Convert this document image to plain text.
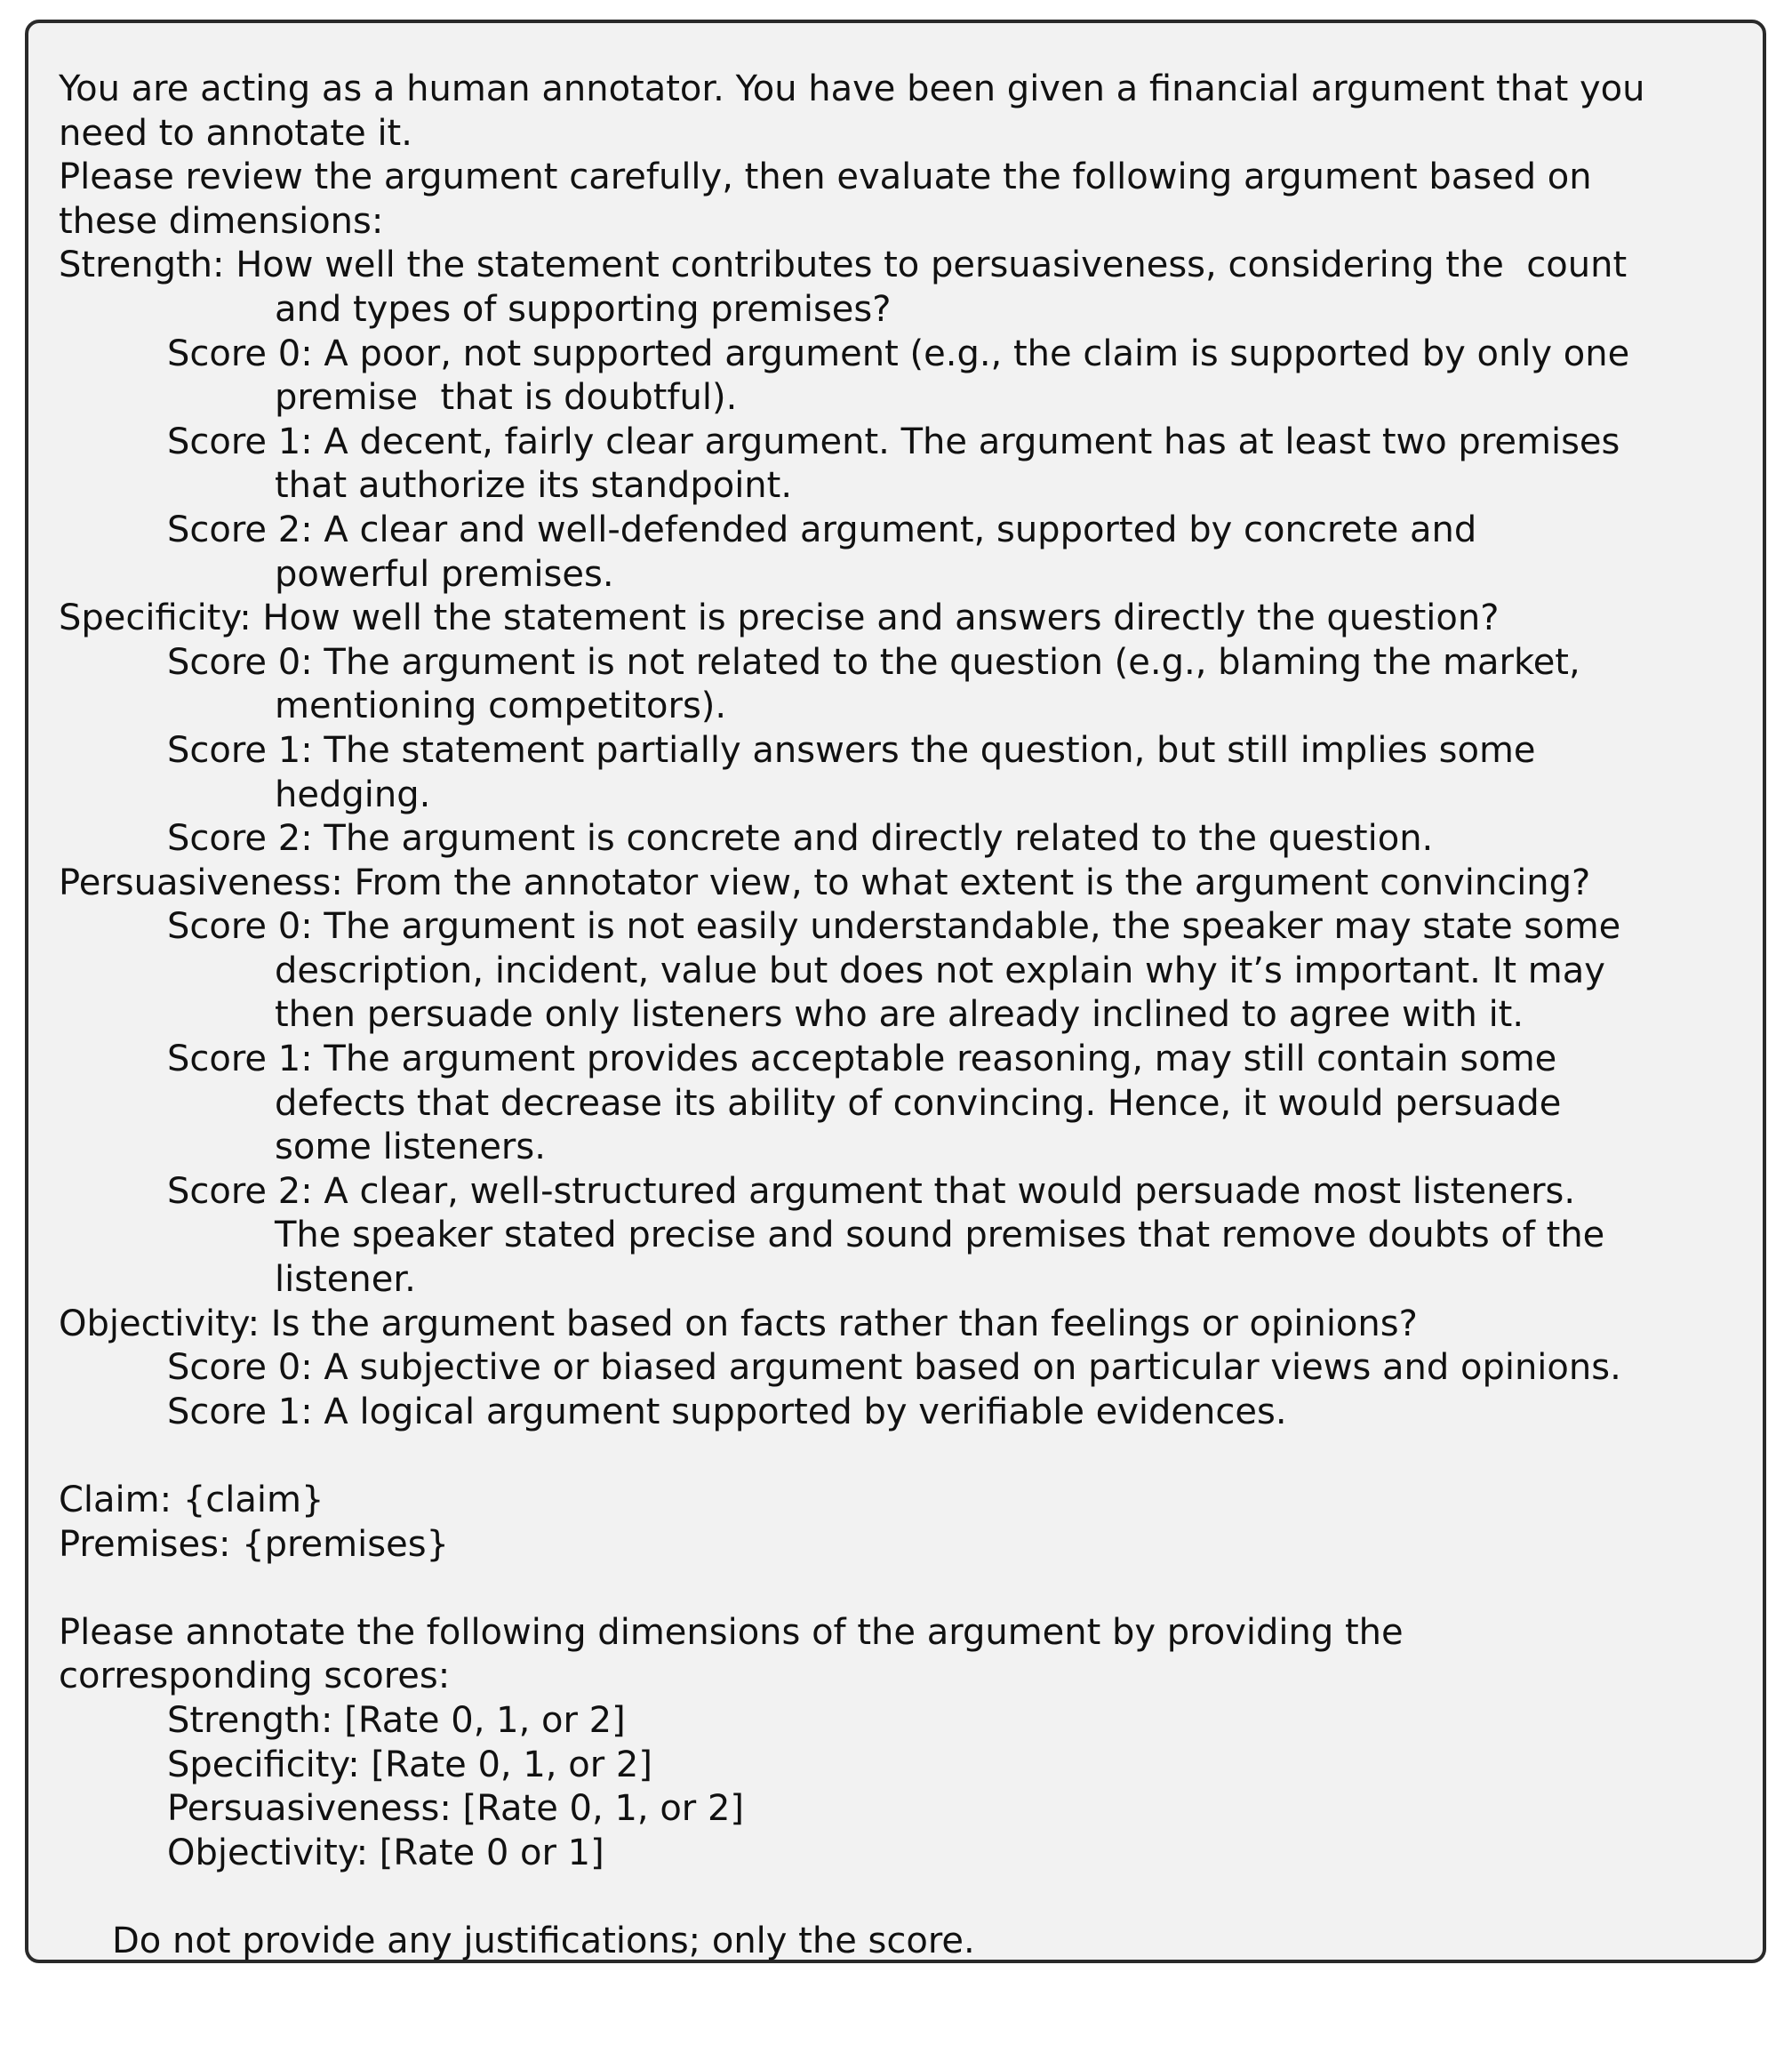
You are acting as a human annotator. You have been given a financial argument that you
need to annotate it.
Please review the argument carefully, then evaluate the following argument based on
these dimensions:
Strength: How well the statement contributes to persuasiveness, considering the  count
and types of supporting premises?
Score 0: A poor, not supported argument (e.g., the claim is supported by only one
premise  that is doubtful).
Score 1: A decent, fairly clear argument. The argument has at least two premises
that authorize its standpoint.
Score 2: A clear and well-defended argument, supported by concrete and
powerful premises.
Specificity: How well the statement is precise and answers directly the question?
Score 0: The argument is not related to the question (e.g., blaming the market,
mentioning competitors).
Score 1: The statement partially answers the question, but still implies some
hedging.
Score 2: The argument is concrete and directly related to the question.
Persuasiveness: From the annotator view, to what extent is the argument convincing?
Score 0: The argument is not easily understandable, the speaker may state some
description, incident, value but does not explain why it’s important. It may
then persuade only listeners who are already inclined to agree with it.
Score 1: The argument provides acceptable reasoning, may still contain some
defects that decrease its ability of convincing. Hence, it would persuade
some listeners.
Score 2: A clear, well-structured argument that would persuade most listeners.
The speaker stated precise and sound premises that remove doubts of the
listener.
Objectivity: Is the argument based on facts rather than feelings or opinions?
Score 0: A subjective or biased argument based on particular views and opinions.
Score 1: A logical argument supported by verifiable evidences.
Claim: {claim}
Premises: {premises}
Please annotate the following dimensions of the argument by providing the
corresponding scores:
Strength: [Rate 0, 1, or 2]
Specificity: [Rate 0, 1, or 2]
Persuasiveness: [Rate 0, 1, or 2]
Objectivity: [Rate 0 or 1]
Do not provide any justifications; only the score.
